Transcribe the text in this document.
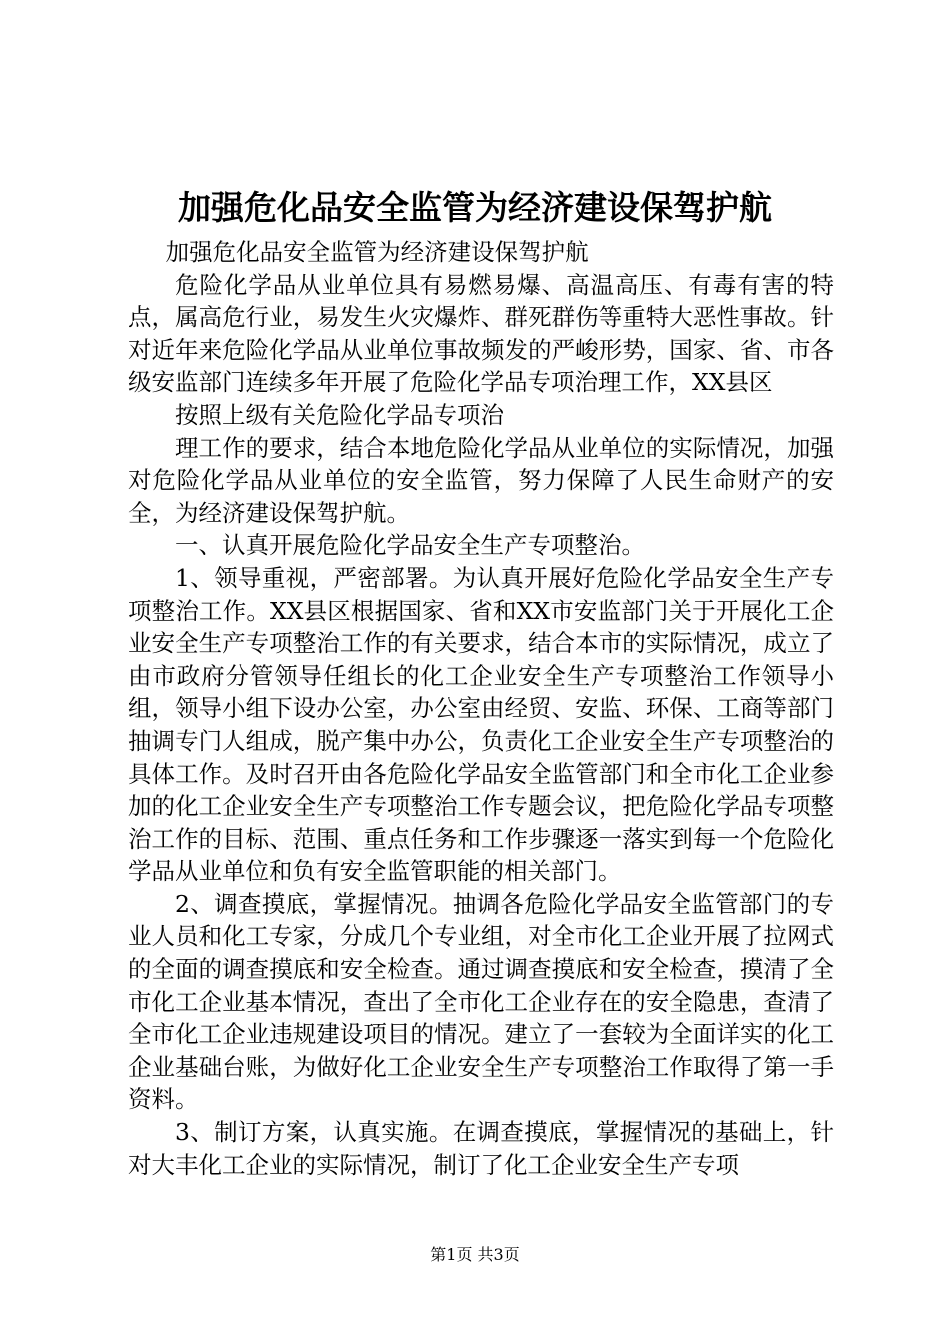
加强危化品安全监管为经济建设保驾护航

加强危化品安全监管为经济建设保驾护航

危险化学品从业单位具有易燃易爆、高温高压、有毒有害的特点，属高危行业，易发生火灾爆炸、群死群伤等重特大恶性事故。针对近年来危险化学品从业单位事故频发的严峻形势，国家、省、市各级安监部门连续多年开展了危险化学品专项治理工作，XX县区

按照上级有关危险化学品专项治

理工作的要求，结合本地危险化学品从业单位的实际情况，加强对危险化学品从业单位的安全监管，努力保障了人民生命财产的安全，为经济建设保驾护航。

一、认真开展危险化学品安全生产专项整治。

1、领导重视，严密部署。为认真开展好危险化学品安全生产专项整治工作。XX县区根据国家、省和XX市安监部门关于开展化工企业安全生产专项整治工作的有关要求，结合本市的实际情况，成立了由市政府分管领导任组长的化工企业安全生产专项整治工作领导小组，领导小组下设办公室，办公室由经贸、安监、环保、工商等部门抽调专门人组成，脱产集中办公，负责化工企业安全生产专项整治的具体工作。及时召开由各危险化学品安全监管部门和全市化工企业参加的化工企业安全生产专项整治工作专题会议，把危险化学品专项整治工作的目标、范围、重点任务和工作步骤逐一落实到每一个危险化学品从业单位和负有安全监管职能的相关部门。

2、调查摸底，掌握情况。抽调各危险化学品安全监管部门的专业人员和化工专家，分成几个专业组，对全市化工企业开展了拉网式的全面的调查摸底和安全检查。通过调查摸底和安全检查，摸清了全市化工企业基本情况，查出了全市化工企业存在的安全隐患，查清了全市化工企业违规建设项目的情况。建立了一套较为全面详实的化工企业基础台账，为做好化工企业安全生产专项整治工作取得了第一手资料。

3、制订方案，认真实施。在调查摸底，掌握情况的基础上，针对大丰化工企业的实际情况，制订了化工企业安全生产专项

第1页 共3页
